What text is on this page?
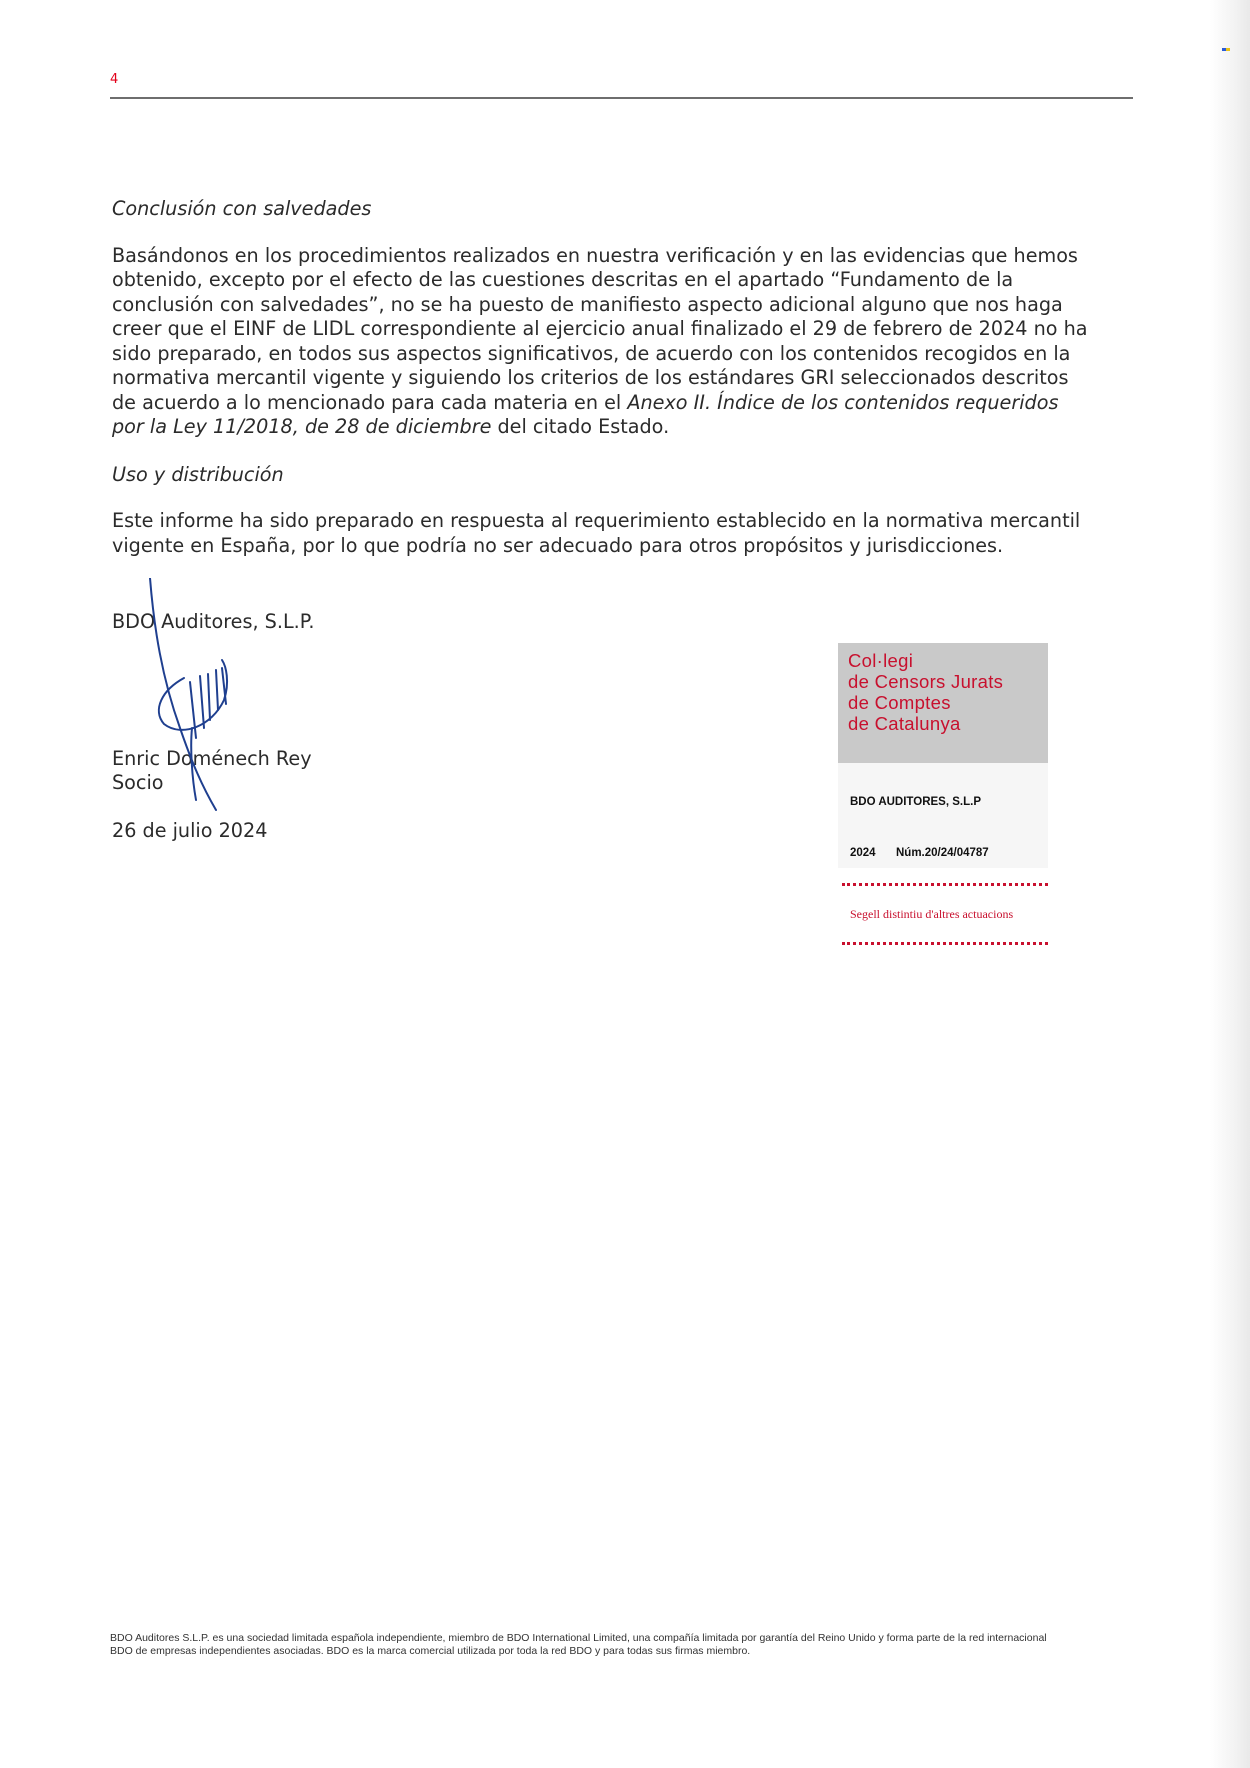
4

Conclusión con salvedades

Basándonos en los procedimientos realizados en nuestra verificación y en las evidencias que hemos obtenido, excepto por el efecto de las cuestiones descritas en el apartado “Fundamento de la conclusión con salvedades”, no se ha puesto de manifiesto aspecto adicional alguno que nos haga creer que el EINF de LIDL correspondiente al ejercicio anual finalizado el 29 de febrero de 2024 no ha sido preparado, en todos sus aspectos significativos, de acuerdo con los contenidos recogidos en la normativa mercantil vigente y siguiendo los criterios de los estándares GRI seleccionados descritos de acuerdo a lo mencionado para cada materia en el Anexo II. Índice de los contenidos requeridos por la Ley 11/2018, de 28 de diciembre del citado Estado.

Uso y distribución

Este informe ha sido preparado en respuesta al requerimiento establecido en la normativa mercantil vigente en España, por lo que podría no ser adecuado para otros propósitos y jurisdicciones.

BDO Auditores, S.L.P.
Enric Doménech Rey
Socio
26 de julio 2024
Col·legi
de Censors Jurats
de Comptes
de Catalunya
BDO AUDITORES, S.L.P
2024 Núm.20/24/04787
Segell distintiu d'altres actuacions
BDO Auditores S.L.P. es una sociedad limitada española independiente, miembro de BDO International Limited, una compañía limitada por garantía del Reino Unido y forma parte de la red internacional BDO de empresas independientes asociadas. BDO es la marca comercial utilizada por toda la red BDO y para todas sus firmas miembro.
